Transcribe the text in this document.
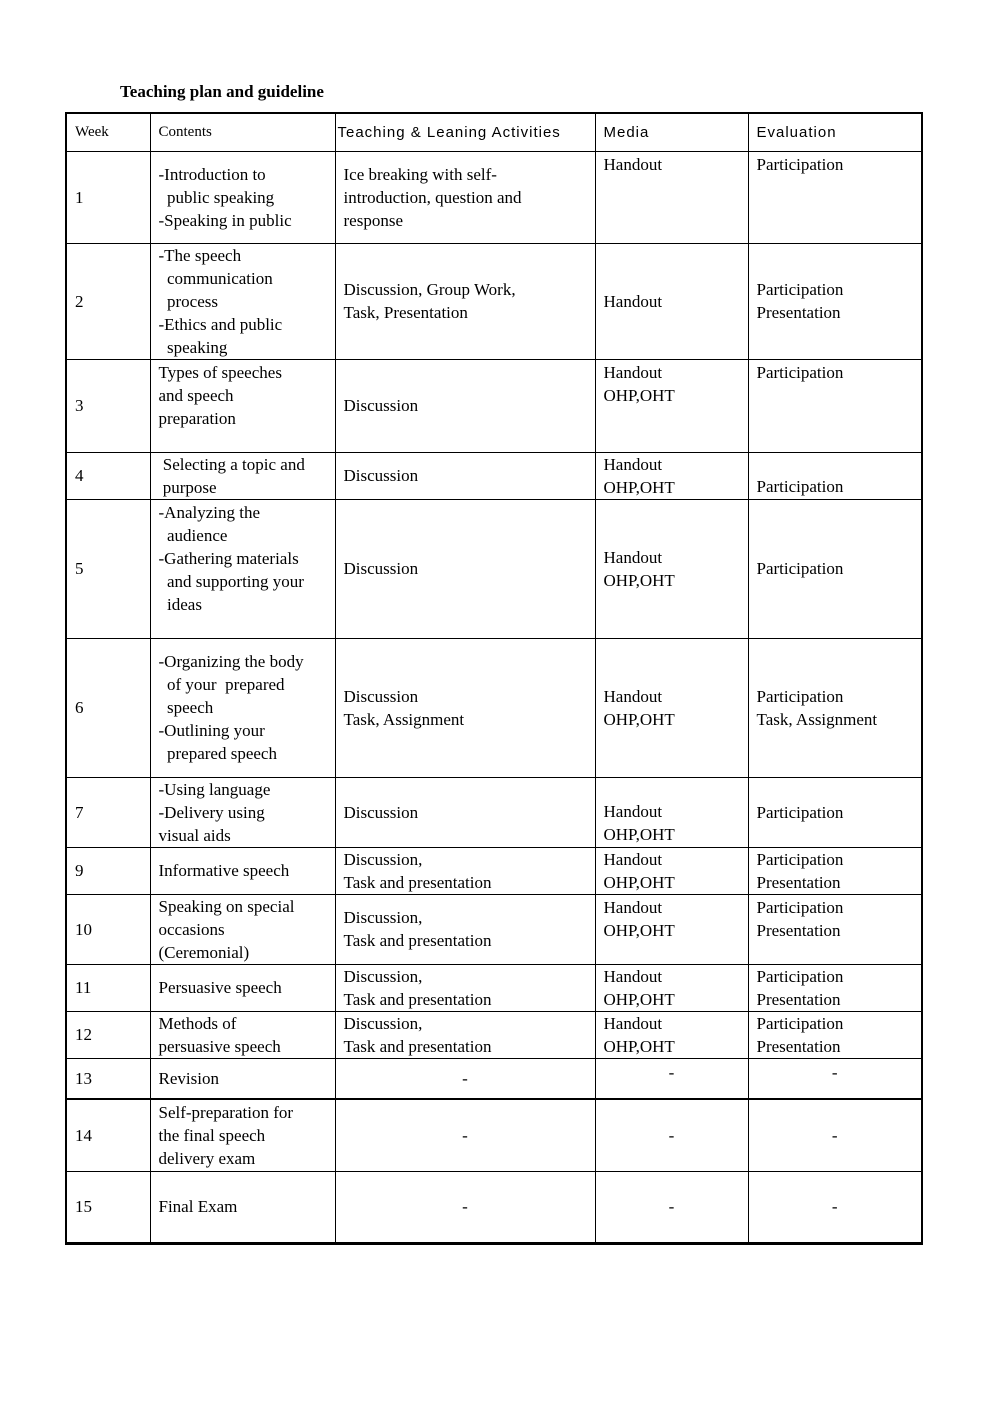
Teaching plan and guideline
Week	Contents	Teaching & Leaning Activities	Media	Evaluation
1	-Introduction to
public speaking
-Speaking in public	Ice breaking with self-
introduction, question and
response	Handout	Participation

2	-The speech
communication
process
-Ethics and public
speaking	Discussion, Group Work,
Task, Presentation	Handout	Participation
Presentation

3	Types of speeches
and speech
preparation	Discussion	Handout
OHP,OHT	Participation

4	Selecting a topic and
purpose	Discussion	Handout
OHP,OHT	Participation

5	-Analyzing the
audience
-Gathering materials
and supporting your
ideas	Discussion	Handout
OHP,OHT	Participation

6	-Organizing the body
of your  prepared
speech
-Outlining your
prepared speech	Discussion
Task, Assignment	Handout
OHP,OHT	Participation
Task, Assignment

7	-Using language
-Delivery using
visual aids	Discussion	Handout
OHP,OHT	Participation

9	Informative speech	Discussion,
Task and presentation	Handout
OHP,OHT	Participation
Presentation

10	Speaking on special
occasions
(Ceremonial)	Discussion,
Task and presentation	Handout
OHP,OHT	Participation
Presentation

11	Persuasive speech	Discussion,
Task and presentation	Handout
OHP,OHT	Participation
Presentation

12	Methods of
persuasive speech	Discussion,
Task and presentation	Handout
OHP,OHT	Participation
Presentation

13	Revision	-	-	-

14	Self-preparation for
the final speech
delivery exam	-	-	-

15	Final Exam	-	-	-
